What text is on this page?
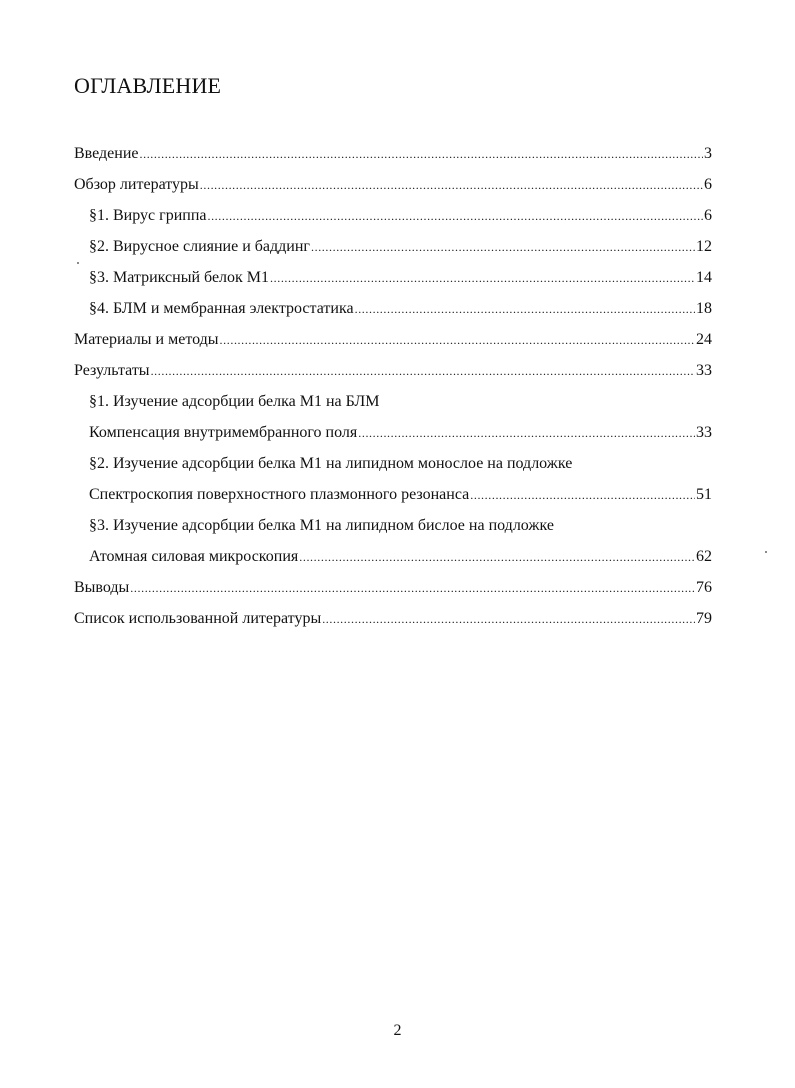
ОГЛАВЛЕНИЕ
Введение .....	3
Обзор литературы .....	6
§1. Вирус гриппа .....	6
§2. Вирусное слияние и баддинг .....	12
§3. Матриксный белок М1 .....	14
§4. БЛМ и мембранная электростатика .....	18
Материалы и методы .....	24
Результаты .....	33
§1. Изучение адсорбции белка М1 на БЛМ
Компенсация внутримембранного поля .....	33
§2. Изучение адсорбции белка М1 на липидном монослое на подложке
Спектроскопия поверхностного плазмонного резонанса .....	51
§3. Изучение адсорбции белка М1 на липидном бислое на подложке
Атомная силовая микроскопия .....	62
Выводы .....	76
Список использованной литературы .....	79
2
